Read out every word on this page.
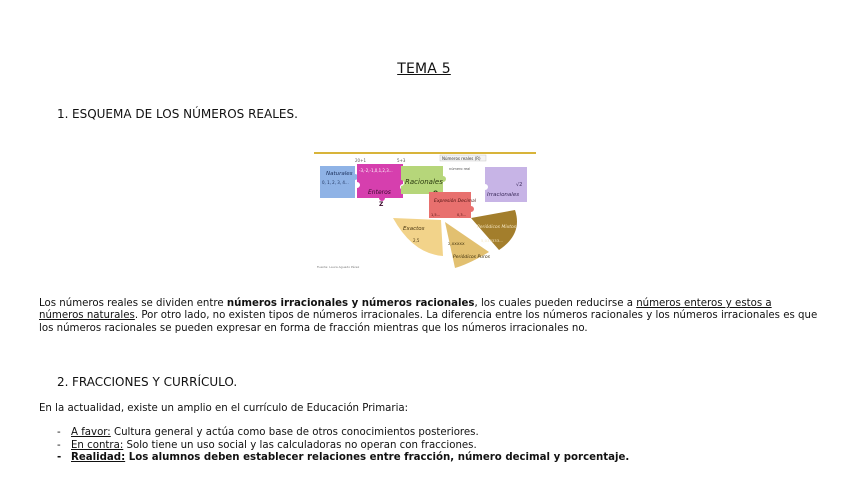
TEMA 5
1. ESQUEMA DE LOS NÚMEROS REALES.
20+1	5+3	Números reales (R)
número real
Naturales
0, 1, 2, 3, 4...
-3,-2,-1,0,1,2,3...
Enteros
Z
Racionales	√2
Irracionales
Expresión Decimal
1,5...	0,3...
Exactos
2,5
2,XXXXX
Periódicos Puros
Periódicos Mixtos
5,033333...
Fuente: Laura Aguado Pérez
Los números reales se dividen entre números irracionales y números racionales, los cuales pueden reducirse a números enteros y estos a números naturales. Por otro lado, no existen tipos de números irracionales. La diferencia entre los números racionales y los números irracionales es que los números racionales se pueden expresar en forma de fracción mientras que los números irracionales no.
2. FRACCIONES Y CURRÍCULO.
En la actualidad, existe un amplio en el currículo de Educación Primaria:
- A favor: Cultura general y actúa como base de otros conocimientos posteriores.
- En contra: Solo tiene un uso social y las calculadoras no operan con fracciones.
- Realidad: Los alumnos deben establecer relaciones entre fracción, número decimal y porcentaje.
